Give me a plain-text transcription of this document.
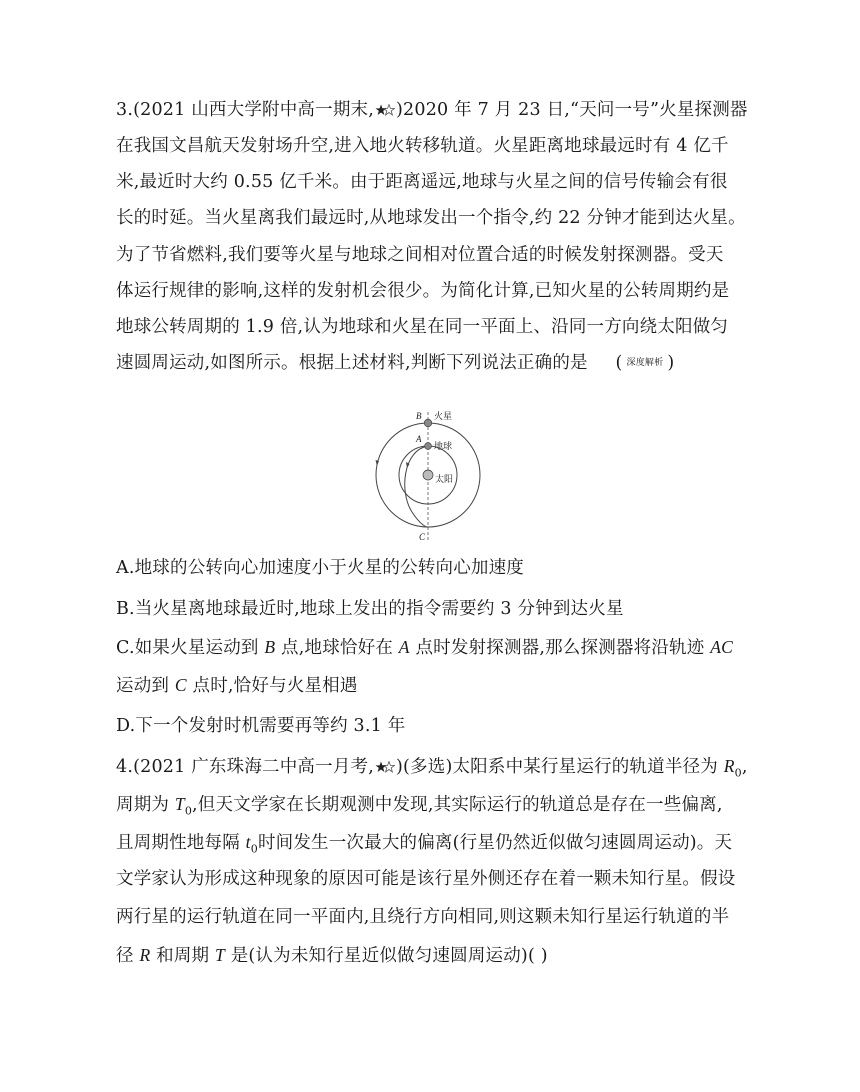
3.(2021 山西大学附中高一期末, )2020 年 7 月 23 日,“天问一号”火星探测器
在我国文昌航天发射场升空,进入地火转移轨道。火星距离地球最远时有 4 亿千
米,最近时大约 0.55 亿千米。由于距离遥远,地球与火星之间的信号传输会有很
长的时延。当火星离我们最远时,从地球发出一个指令,约 22 分钟才能到达火星。
为了节省燃料,我们要等火星与地球之间相对位置合适的时候发射探测器。受天
体运行规律的影响,这样的发射机会很少。为简化计算,已知火星的公转周期约是
地球公转周期的 1.9 倍,认为地球和火星在同一平面上、沿同一方向绕太阳做匀
速圆周运动,如图所示。根据上述材料,判断下列说法正确的是 ( 深度解析 )
B
A
C
火星
地球
太阳
A.地球的公转向心加速度小于火星的公转向心加速度
B.当火星离地球最近时,地球上发出的指令需要约 3 分钟到达火星
C.如果火星运动到 B 点,地球恰好在 A 点时发射探测器,那么探测器将沿轨迹 AC
运动到 C 点时,恰好与火星相遇
D.下一个发射时机需要再等约 3.1 年
4.(2021 广东珠海二中高一月考, )(多选)太阳系中某行星运行的轨道半径为 $R_0$,
周期为 $T_0$,但天文学家在长期观测中发现,其实际运行的轨道总是存在一些偏离,
且周期性地每隔 $t_0$时间发生一次最大的偏离(行星仍然近似做匀速圆周运动)。天
文学家认为形成这种现象的原因可能是该行星外侧还存在着一颗未知行星。假设
两行星的运行轨道在同一平面内,且绕行方向相同,则这颗未知行星运行轨道的半
径 R 和周期 T 是(认为未知行星近似做匀速圆周运动)( )
